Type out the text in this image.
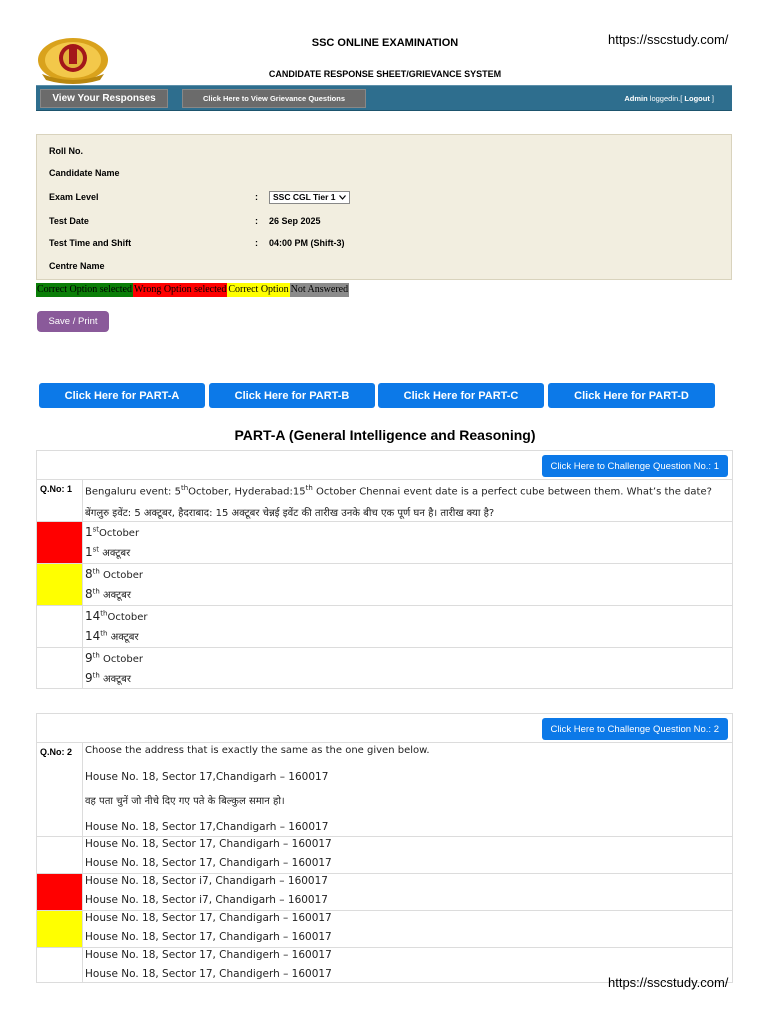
https://sscstudy.com/
SSC ONLINE EXAMINATION
CANDIDATE RESPONSE SHEET/GRIEVANCE SYSTEM
View Your Responses	Click Here to View Grievance Questions	Admin loggedin.[ Logout ]
Roll No.
Candidate Name
Exam Level	:	SSC CGL Tier 1
Test Date	:	26 Sep 2025
Test Time and Shift	:	04:00 PM (Shift-3)
Centre Name
Correct Option selected Wrong Option selected Correct Option Not Answered
Save / Print
Click Here for PART-A	Click Here for PART-B	Click Here for PART-C	Click Here for PART-D
PART-A (General Intelligence and Reasoning)
Click Here to Challenge Question No.: 1
Q.No: 1 Bengaluru event: 5thOctober, Hyderabad:15th October Chennai event date is a perfect cube between them. What’s the date?
बेंगलुरु इवेंट: 5 अक्टूबर, हैदराबाद: 15 अक्टूबर चेन्नई इवेंट की तारीख उनके बीच एक पूर्ण घन है। तारीख क्या है?
1stOctober
1st अक्टूबर
8th October
8th अक्टूबर
14thOctober
14th अक्टूबर
9th October
9th अक्टूबर
Click Here to Challenge Question No.: 2
Q.No: 2 Choose the address that is exactly the same as the one given below.
House No. 18, Sector 17,Chandigarh – 160017
वह पता चुनें जो नीचे दिए गए पते के बिल्कुल समान हो।
House No. 18, Sector 17,Chandigarh – 160017
House No. 18, Sector 17, Chandigarh – 160017
House No. 18, Sector 17, Chandigarh – 160017
House No. 18, Sector i7, Chandigarh – 160017
House No. 18, Sector i7, Chandigarh – 160017
House No. 18, Sector 17, Chandigarh – 160017
House No. 18, Sector 17, Chandigarh – 160017
House No. 18, Sector 17, Chandigerh – 160017
House No. 18, Sector 17, Chandigerh – 160017
https://sscstudy.com/
